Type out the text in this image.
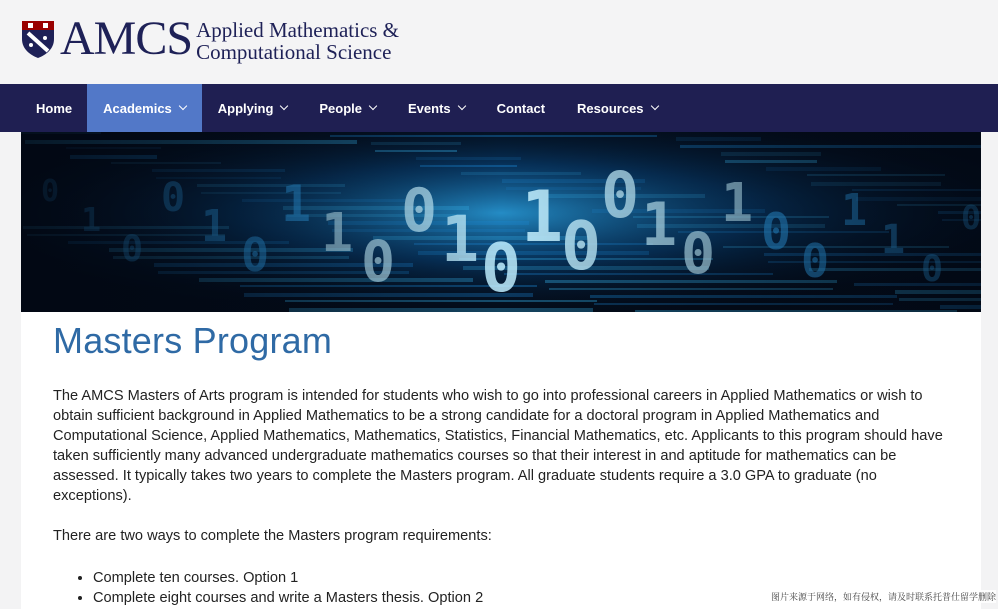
AMCS Applied Mathematics &
Computational Science
Home Academics	Applying	People	Events	Contact Resources
Masters Program

The AMCS Masters of Arts program is intended for students who wish to go into professional careers in Applied Mathematics or wish to obtain sufficient background in Applied Mathematics to be a strong candidate for a doctoral program in Applied Mathematics and Computational Science, Applied Mathematics, Mathematics, Statistics, Financial Mathematics, etc. Applicants to this program should have taken sufficiently many advanced undergraduate mathematics courses so that their interest in and aptitude for mathematics can be assessed. It typically takes two years to complete the Masters program. All graduate students require a 3.0 GPA to graduate (no exceptions).

There are two ways to complete the Masters program requirements:

• Complete ten courses. Option 1
• Complete eight courses and write a Masters thesis. Option 2	图片来源于网络，如有侵权，请及时联系托普仕留学删除
